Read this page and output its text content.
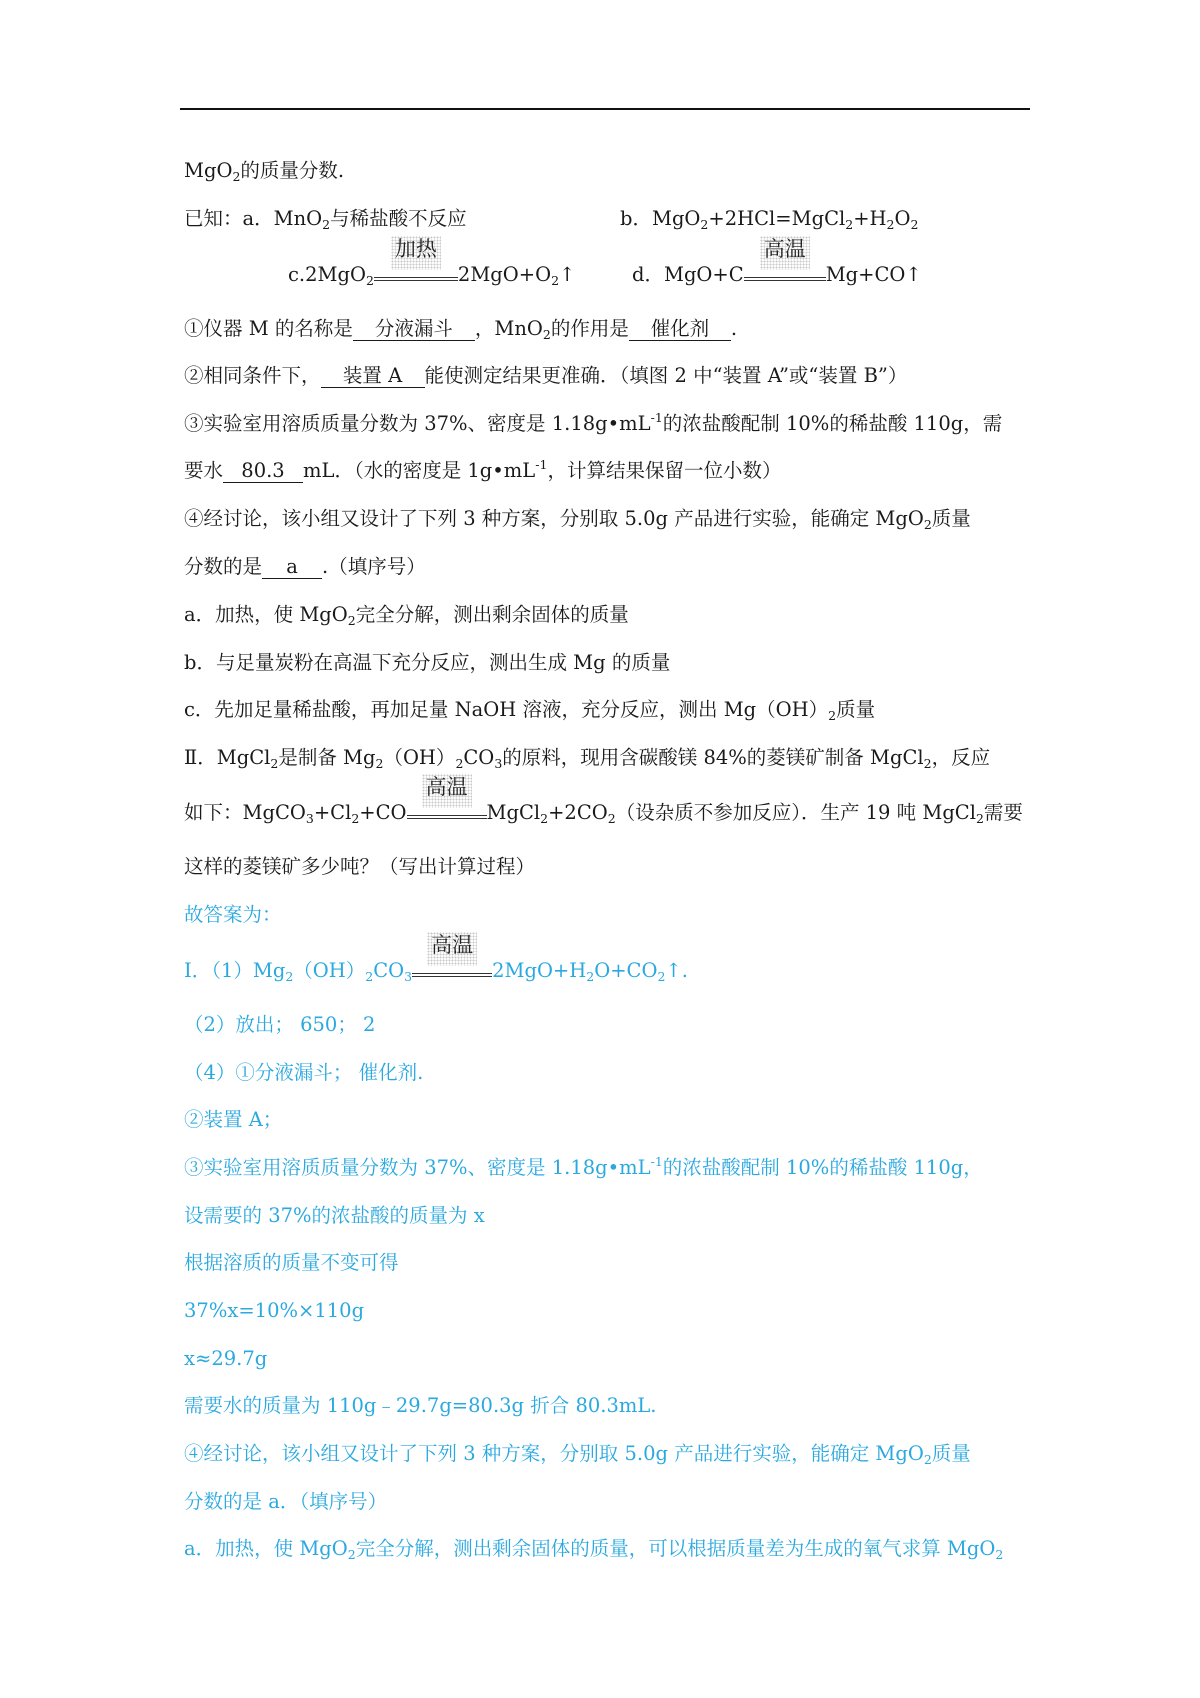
MgO$_2$的质量分数.
已知：a．MnO$_2$与稀盐酸不反应	b．$MgO_2+2HCl=MgCl_2+H_2O_2$
c.2MgO$_2$
加热
$2MgO+O_2↑$	d．MgO+C
高温
Mg+CO↑
①仪器 M 的名称是 分液漏斗 ，MnO$_2$的作用是 催化剂 .
②相同条件下， 装置 A 能使测定结果更准确．（填图 2 中“装置 A”或“装置 B”）
③实验室用溶质质量分数为 37%、密度是 $1.18g•mL^{-1}$的浓盐酸配制 10%的稀盐酸 110g，需
要水 80.3 mL．（水的密度是 $1g•mL^{-1}$，计算结果保留一位小数）
④经讨论，该小组又设计了下列 3 种方案，分别取 5.0g 产品进行实验，能确定 MgO$_2$质量
分数的是 a .（填序号）
a．加热，使 MgO$_2$完全分解，测出剩余固体的质量
b．与足量炭粉在高温下充分反应，测出生成 Mg 的质量
c．先加足量稀盐酸，再加足量 NaOH 溶液，充分反应，测出 $Mg(OH)_2$质量
Ⅱ．MgCl$_2$是制备 $Mg_2(OH)_2CO_3$的原料，现用含碳酸镁 84%的菱镁矿制备 MgCl$_2$，反应
如下：$MgCO_3+Cl_2+CO$
高温
$MgCl_2+2CO_2$（设杂质不参加反应）．生产 19 吨 MgCl$_2$需要
这样的菱镁矿多少吨？（写出计算过程）
故答案为：
Ⅰ．$(1)Mg_2(OH)_2CO_3$
高温
$2MgO+H_2O+CO_2↑$.
（2）放出； 650； 2
（4）①分液漏斗； 催化剂.
②装置 A；
③实验室用溶质质量分数为 37%、密度是 $1.18g•mL^{-1}$的浓盐酸配制 10%的稀盐酸 110g，
设需要的 37%的浓盐酸的质量为 x
根据溶质的质量不变可得
37%x=10%×110g
x≈29.7g
需要水的质量为 110g﹣29.7g=80.3g 折合 80.3mL.
④经讨论，该小组又设计了下列 3 种方案，分别取 5.0g 产品进行实验，能确定 MgO$_2$质量
分数的是 a．（填序号）
a．加热，使 MgO$_2$完全分解，测出剩余固体的质量，可以根据质量差为生成的氧气求算 MgO$_2$
